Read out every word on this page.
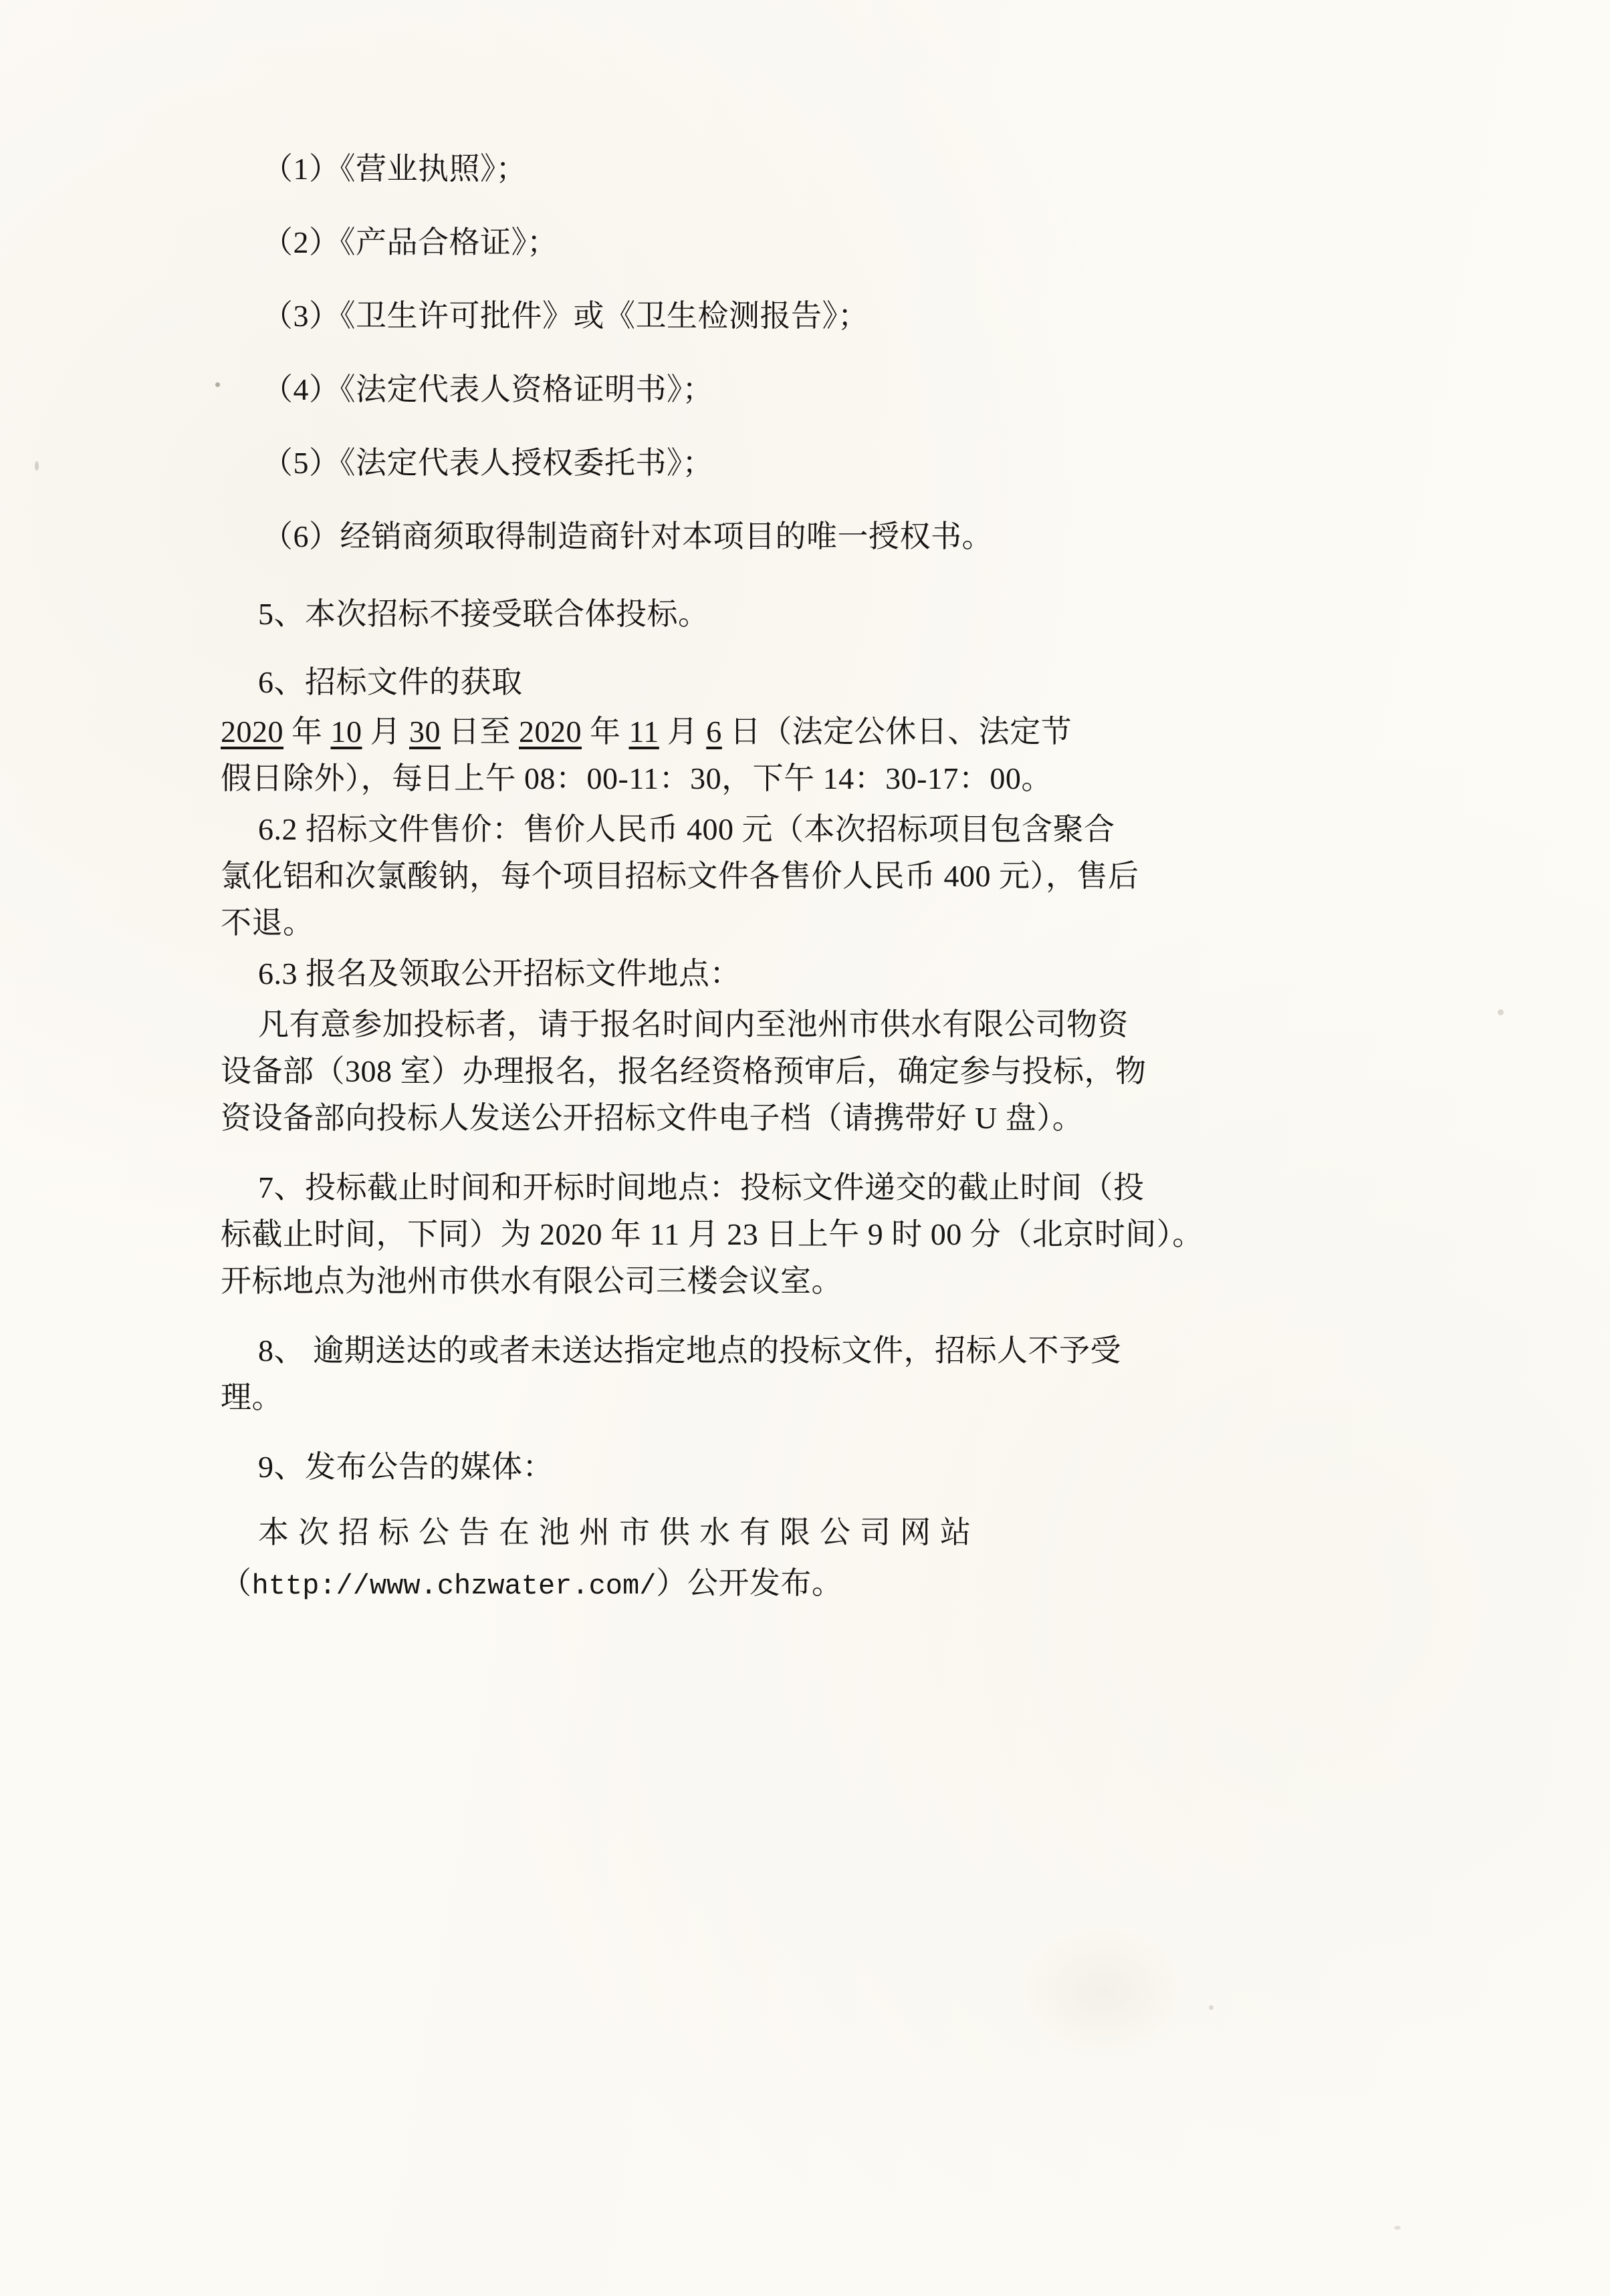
（1）《营业执照》；
（2）《产品合格证》；
（3）《卫生许可批件》或《卫生检测报告》；
（4）《法定代表人资格证明书》；
（5）《法定代表人授权委托书》；
（6）经销商须取得制造商针对本项目的唯一授权书。
5、本次招标不接受联合体投标。
6、招标文件的获取
2020 年 10 月 30 日至 2020 年 11 月 6 日（法定公休日、法定节
假日除外），每日上午 08：00-11：30，下午 14：30-17：00。
6.2 招标文件售价：售价人民币 400 元（本次招标项目包含聚合
氯化铝和次氯酸钠，每个项目招标文件各售价人民币 400 元），售后
不退。
6.3 报名及领取公开招标文件地点：
凡有意参加投标者，请于报名时间内至池州市供水有限公司物资
设备部（308 室）办理报名，报名经资格预审后，确定参与投标，物
资设备部向投标人发送公开招标文件电子档（请携带好 U 盘）。
7、投标截止时间和开标时间地点：投标文件递交的截止时间（投
标截止时间，下同）为 2020 年 11 月 23 日上午 9 时 00 分（北京时间）。
开标地点为池州市供水有限公司三楼会议室。
8、 逾期送达的或者未送达指定地点的投标文件，招标人不予受
理。
9、发布公告的媒体：
本次招标公告在池州市供水有限公司网站
（http://www.chzwater.com/）公开发布。
